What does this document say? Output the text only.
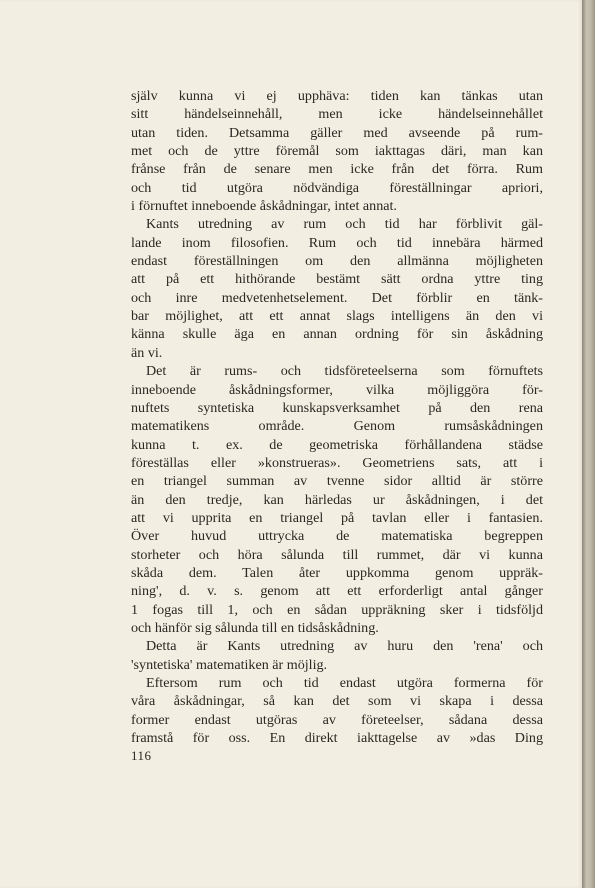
själv kunna vi ej upphäva: tiden kan tänkas utan
sitt händelseinnehåll, men icke händelseinnehållet
utan tiden. Detsamma gäller med avseende på rum-
met och de yttre föremål som iakttagas däri, man kan
frånse från de senare men icke från det förra. Rum
och tid utgöra nödvändiga föreställningar apriori,
i förnuftet inneboende åskådningar, intet annat.
Kants utredning av rum och tid har förblivit gäl-
lande inom filosofien. Rum och tid innebära härmed
endast föreställningen om den allmänna möjligheten
att på ett hithörande bestämt sätt ordna yttre ting
och inre medvetenhetselement. Det förblir en tänk-
bar möjlighet, att ett annat slags intelligens än den vi
känna skulle äga en annan ordning för sin åskådning
än vi.
Det är rums- och tidsföreteelserna som förnuftets
inneboende åskådningsformer, vilka möjliggöra för-
nuftets syntetiska kunskapsverksamhet på den rena
matematikens område. Genom rumsåskådningen
kunna t. ex. de geometriska förhållandena städse
föreställas eller »konstrueras». Geometriens sats, att i
en triangel summan av tvenne sidor alltid är större
än den tredje, kan härledas ur åskådningen, i det
att vi upprita en triangel på tavlan eller i fantasien.
Över huvud uttrycka de matematiska begreppen
storheter och höra sålunda till rummet, där vi kunna
skåda dem. Talen åter uppkomma genom uppräk-
ning', d. v. s. genom att ett erforderligt antal gånger
1 fogas till 1, och en sådan uppräkning sker i tidsföljd
och hänför sig sålunda till en tidsåskådning.
Detta är Kants utredning av huru den 'rena' och
'syntetiska' matematiken är möjlig.
Eftersom rum och tid endast utgöra formerna för
våra åskådningar, så kan det som vi skapa i dessa
former endast utgöras av företeelser, sådana dessa
framstå för oss. En direkt iakttagelse av »das Ding
116
